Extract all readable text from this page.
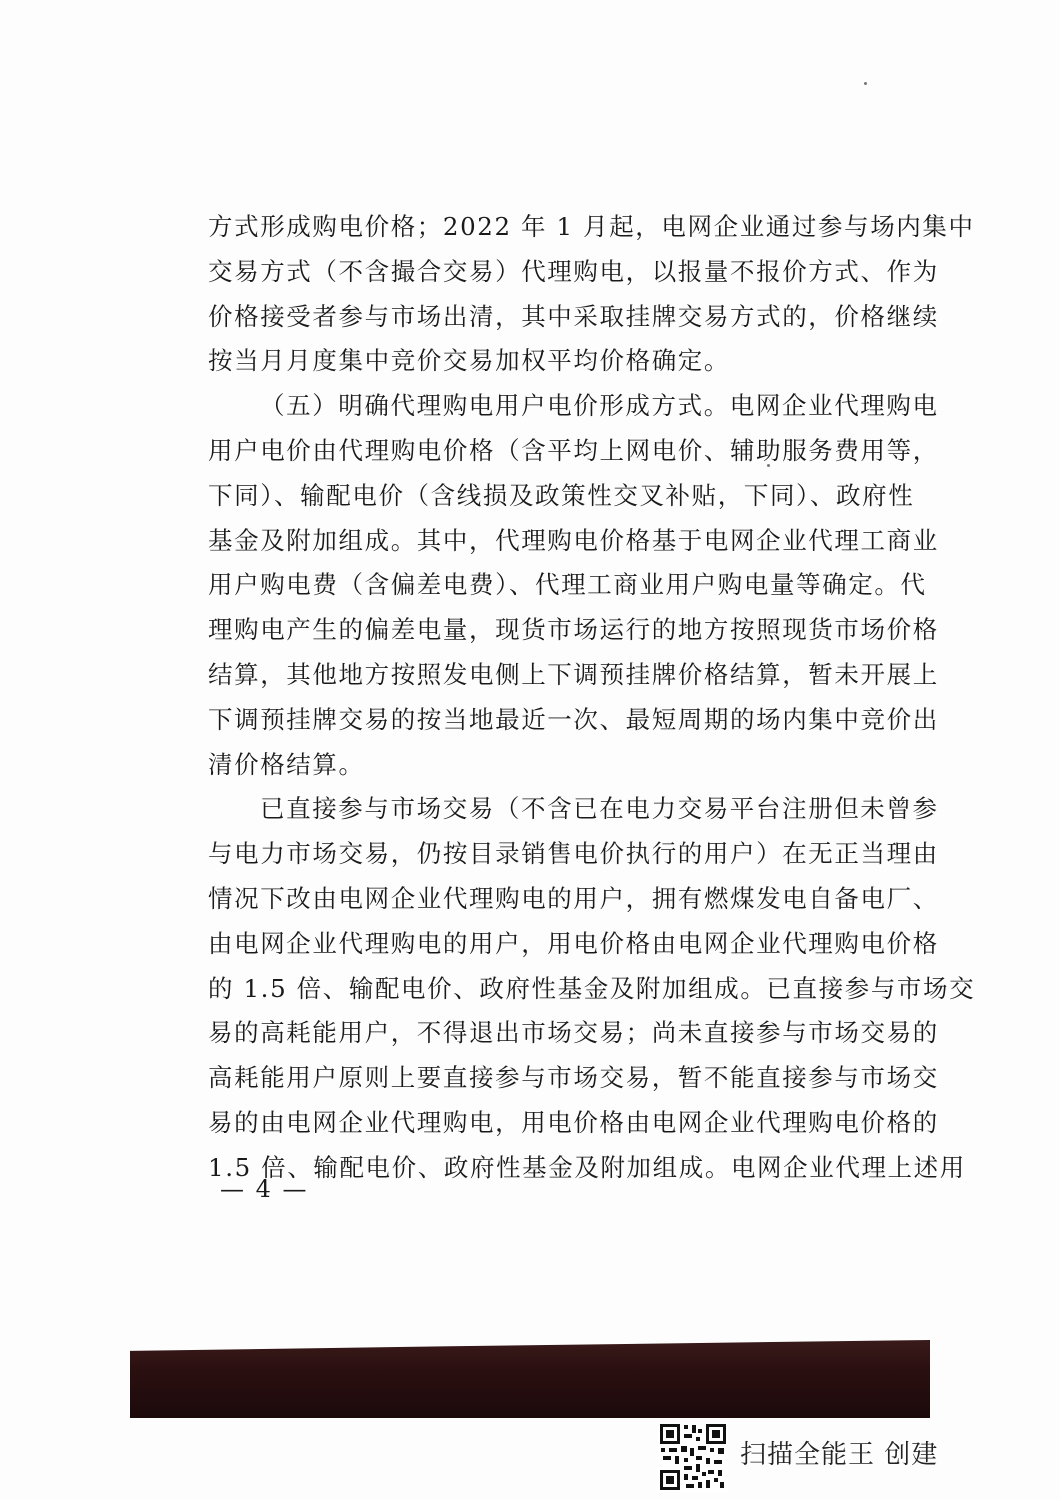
方式形成购电价格；2022 年 1 月起，电网企业通过参与场内集中
交易方式（不含撮合交易）代理购电，以报量不报价方式、作为
价格接受者参与市场出清，其中采取挂牌交易方式的，价格继续
按当月月度集中竞价交易加权平均价格确定。
（五）明确代理购电用户电价形成方式。电网企业代理购电
用户电价由代理购电价格（含平均上网电价、辅助服务费用等，
下同）、输配电价（含线损及政策性交叉补贴，下同）、政府性
基金及附加组成。其中，代理购电价格基于电网企业代理工商业
用户购电费（含偏差电费）、代理工商业用户购电量等确定。代
理购电产生的偏差电量，现货市场运行的地方按照现货市场价格
结算，其他地方按照发电侧上下调预挂牌价格结算，暂未开展上
下调预挂牌交易的按当地最近一次、最短周期的场内集中竞价出
清价格结算。
已直接参与市场交易（不含已在电力交易平台注册但未曾参
与电力市场交易，仍按目录销售电价执行的用户）在无正当理由
情况下改由电网企业代理购电的用户，拥有燃煤发电自备电厂、
由电网企业代理购电的用户，用电价格由电网企业代理购电价格
的 1.5 倍、输配电价、政府性基金及附加组成。已直接参与市场交
易的高耗能用户，不得退出市场交易；尚未直接参与市场交易的
高耗能用户原则上要直接参与市场交易，暂不能直接参与市场交
易的由电网企业代理购电，用电价格由电网企业代理购电价格的
1.5 倍、输配电价、政府性基金及附加组成。电网企业代理上述用
— 4 —
扫描全能王 创建
